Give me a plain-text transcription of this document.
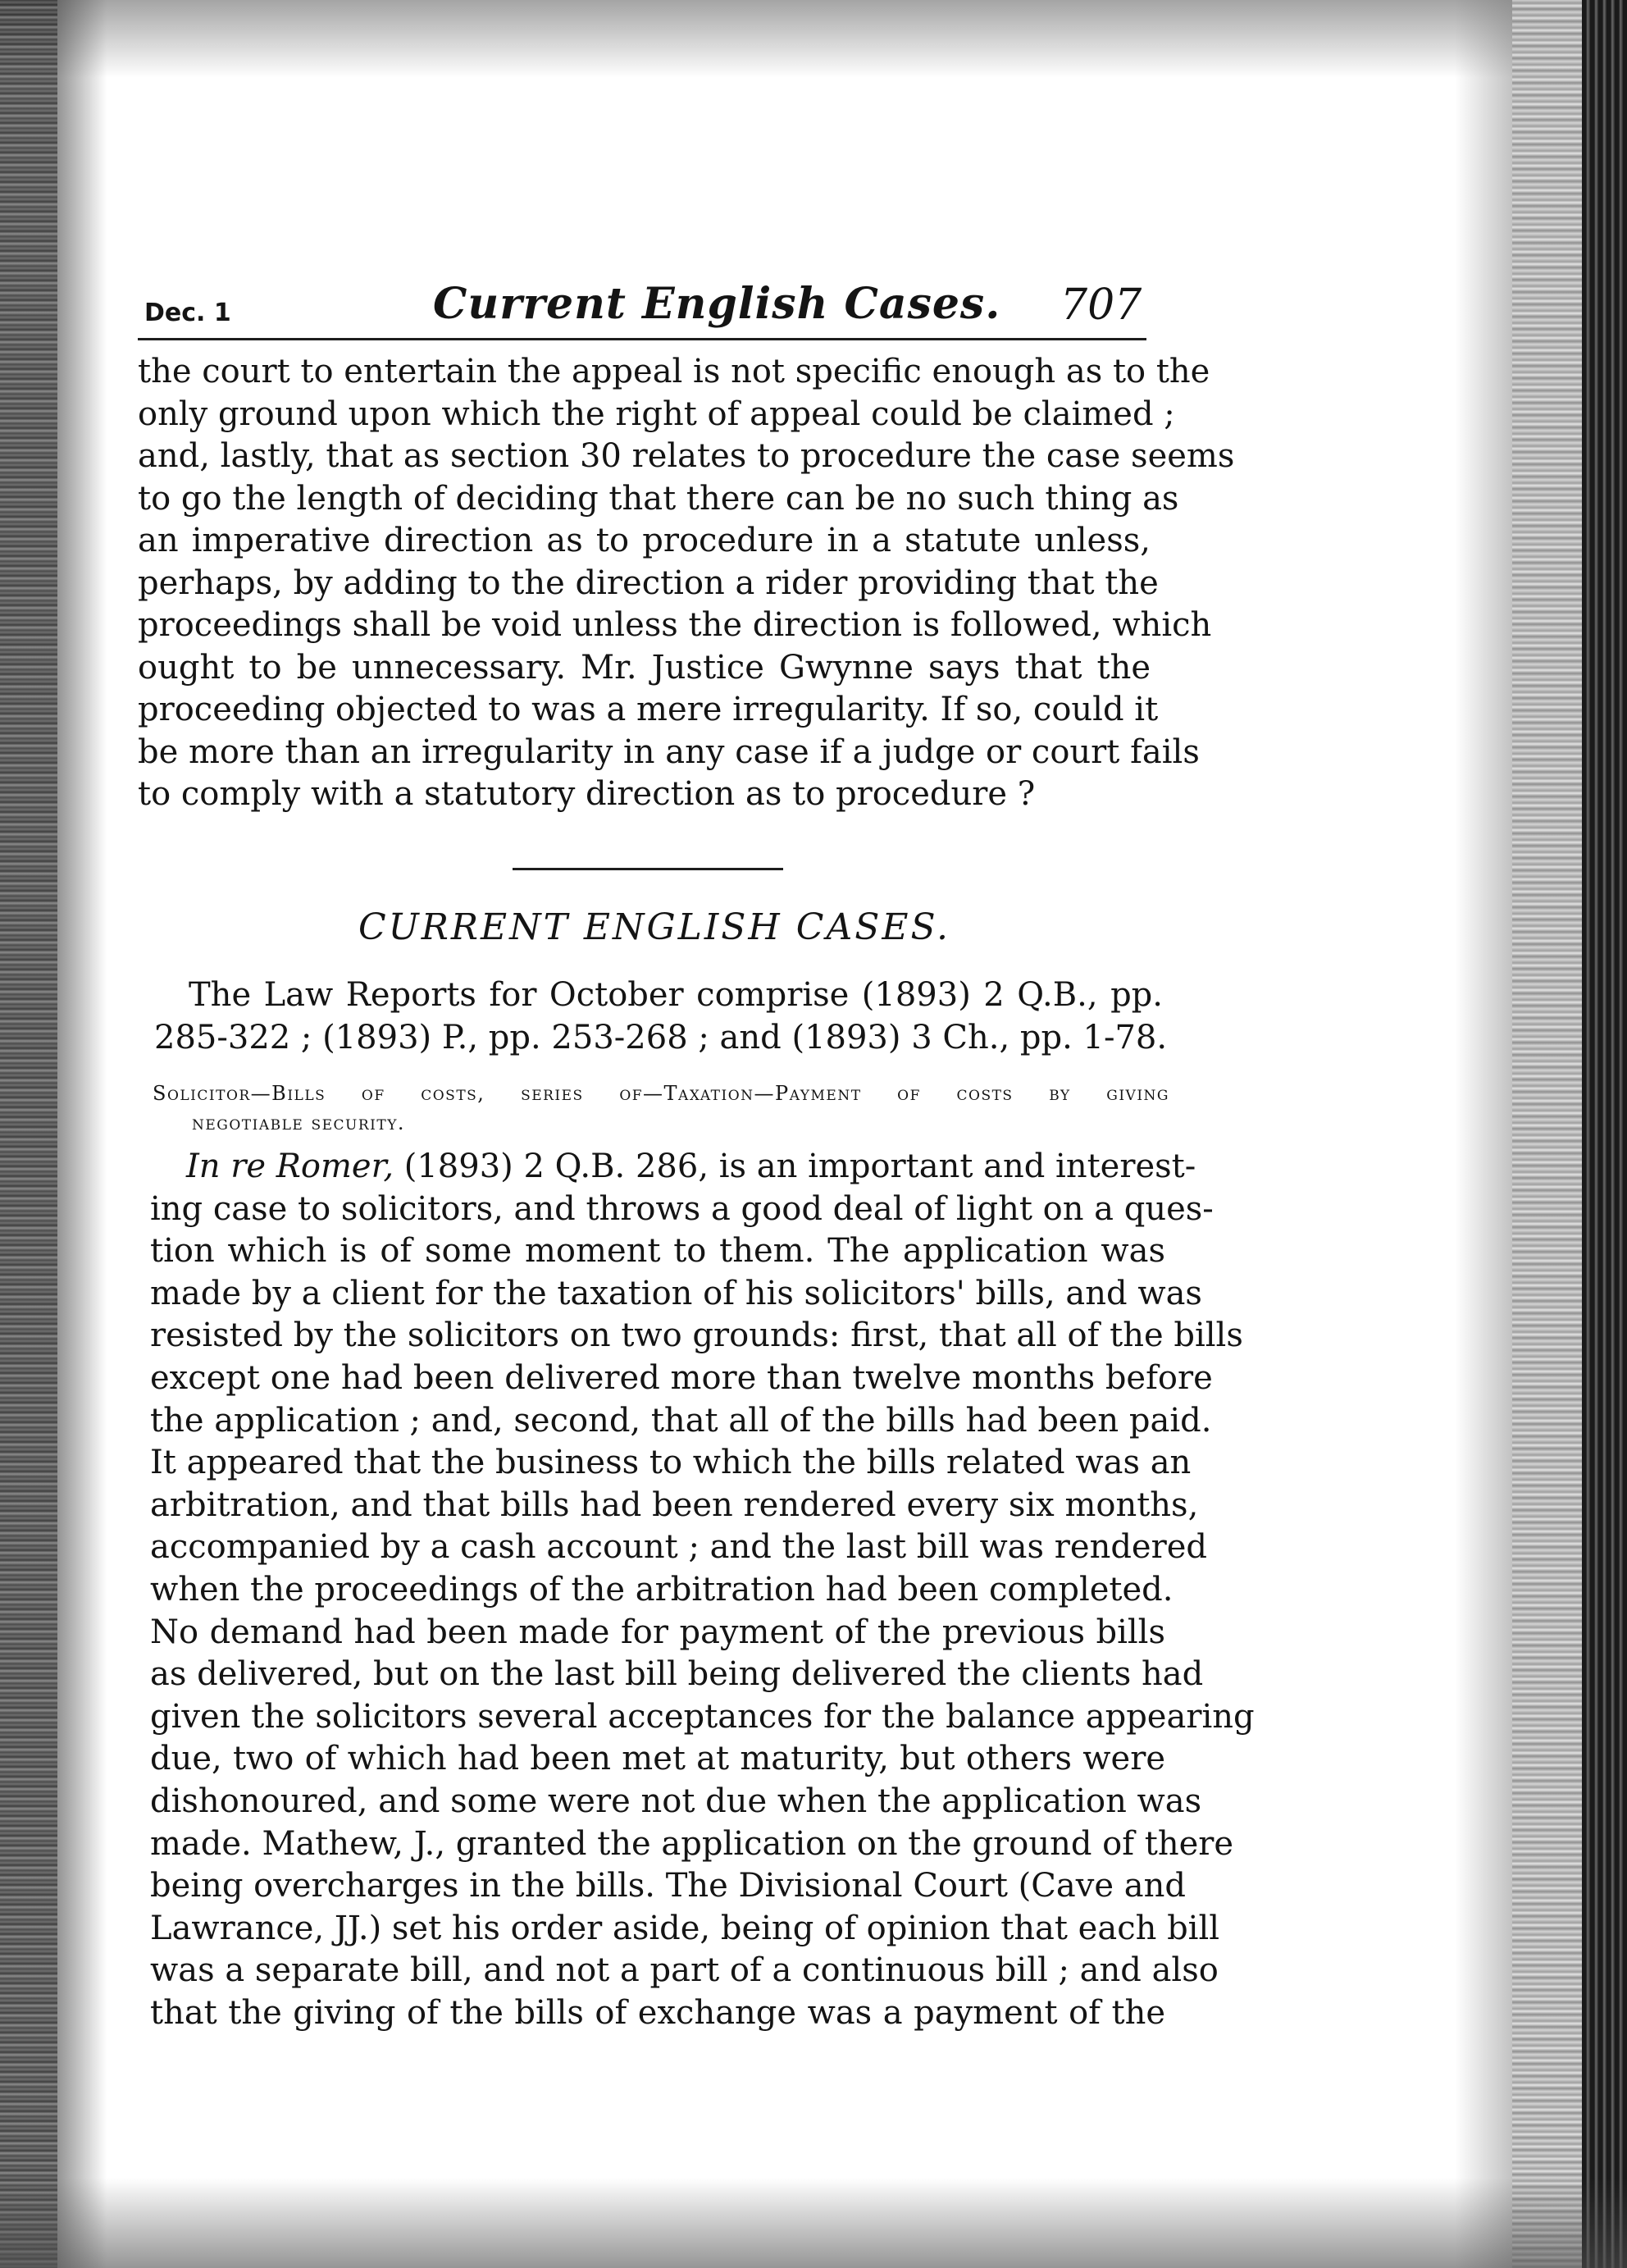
Dec. 1	Current English Cases. 707
the court to entertain the appeal is not specific enough as to the
only ground upon which the right of appeal could be claimed ;
and, lastly, that as section 30 relates to procedure the case seems
to go the length of deciding that there can be no such thing as
an imperative direction as to procedure in a statute unless,
perhaps, by adding to the direction a rider providing that the
proceedings shall be void unless the direction is followed, which
ought to be unnecessary. Mr. Justice Gwynne says that the
proceeding objected to was a mere irregularity. If so, could it
be more than an irregularity in any case if a judge or court fails
to comply with a statutory direction as to procedure ?
CURRENT ENGLISH CASES.
The Law Reports for October comprise (1893) 2 Q.B., pp.
285-322 ; (1893) P., pp. 253-268 ; and (1893) 3 Ch., pp. 1-78.
Solicitor—Bills of costs, series of—Taxation—Payment of costs by giving
negotiable security.
In re Romer, (1893) 2 Q.B. 286, is an important and interest-
ing case to solicitors, and throws a good deal of light on a ques-
tion which is of some moment to them. The application was
made by a client for the taxation of his solicitors' bills, and was
resisted by the solicitors on two grounds: first, that all of the bills
except one had been delivered more than twelve months before
the application ; and, second, that all of the bills had been paid.
It appeared that the business to which the bills related was an
arbitration, and that bills had been rendered every six months,
accompanied by a cash account ; and the last bill was rendered
when the proceedings of the arbitration had been completed.
No demand had been made for payment of the previous bills
as delivered, but on the last bill being delivered the clients had
given the solicitors several acceptances for the balance appearing
due, two of which had been met at maturity, but others were
dishonoured, and some were not due when the application was
made. Mathew, J., granted the application on the ground of there
being overcharges in the bills. The Divisional Court (Cave and
Lawrance, JJ.) set his order aside, being of opinion that each bill
was a separate bill, and not a part of a continuous bill ; and also
that the giving of the bills of exchange was a payment of the
